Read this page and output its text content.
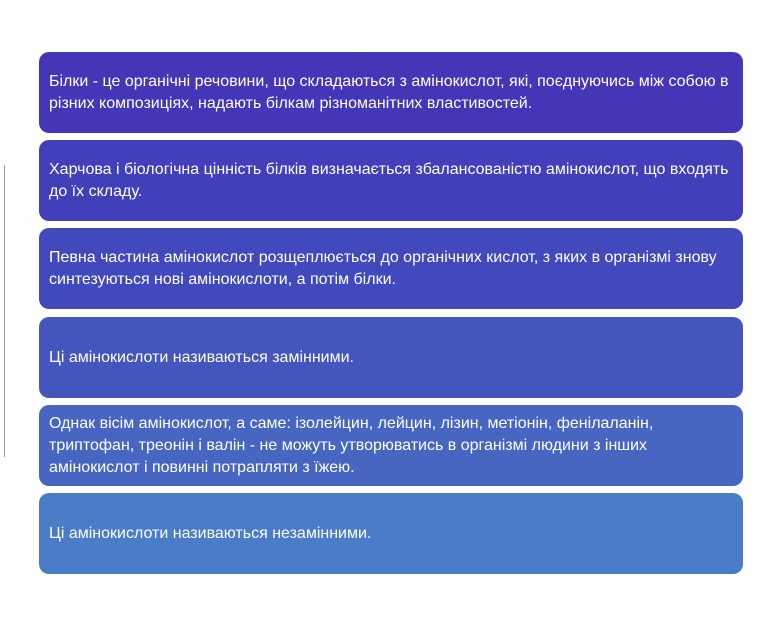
Білки - це органічні речовини, що складаються з амінокислот, які, поєднуючись між собою в різних композиціях, надають білкам різноманітних властивостей.
Харчова і біологічна цінність білків визначається збалансованістю амінокислот, що входять до їх складу.
Певна частина амінокислот розщеплюється до органічних кислот, з яких в організмі знову синтезуються нові амінокислоти, а потім білки.
Ці амінокислоти називаються замінними.
Однак вісім амінокислот, а саме: ізолейцин, лейцин, лізин, метіонін, фенілаланін, триптофан, треонін і валін - не можуть утворюватись в організмі людини з інших амінокислот і повинні потрапляти з їжею.
Ці амінокислоти називаються незамінними.
